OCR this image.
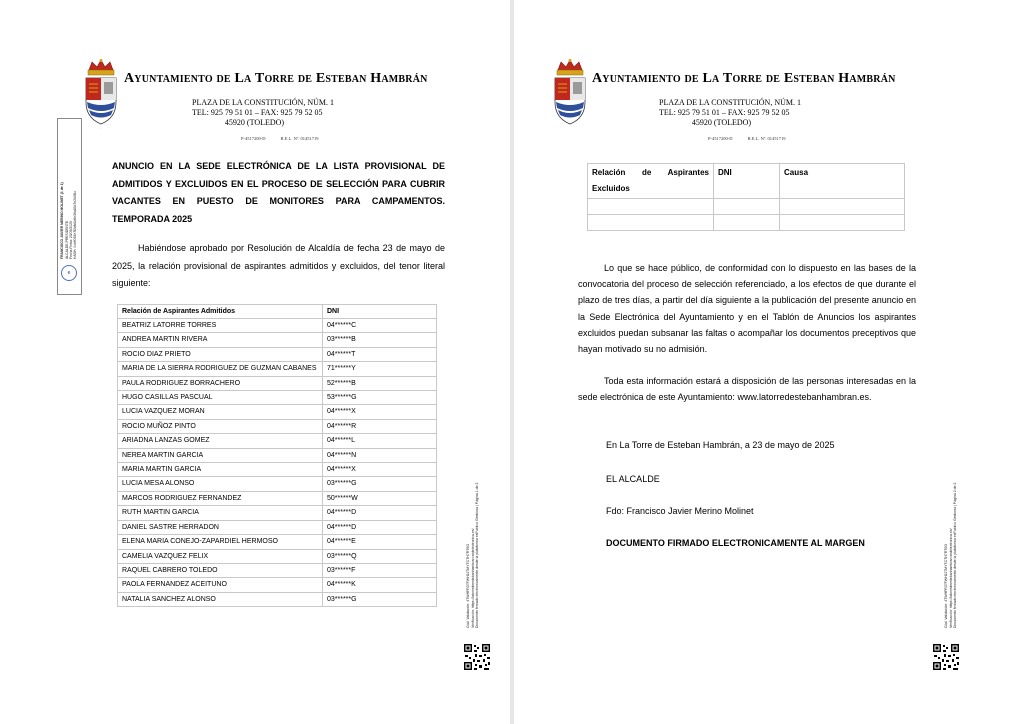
.
Ayuntamiento de La Torre de Esteban Hambrán
PLAZA DE LA CONSTITUCIÓN, NÚM. 1
TEL: 925 79 51 01 – FAX: 925 79 52 05
45920 (TOLEDO)
P-4517200-D	R.E.L. Nº. 01451719
FRANCISCO JAVIER MERINO MOLINET (1 de 1) ALCALDE-PRESIDENTE Fecha Firma: 23/05/2025 HASH: 0cb9093e7f2dfd1d6e36a83c7e2b3f1c
e
ANUNCIO EN LA SEDE ELECTRÓNICA DE LA LISTA PROVISIONAL DE ADMITIDOS Y EXCLUIDOS EN EL PROCESO DE SELECCIÓN PARA CUBRIR VACANTES EN PUESTO DE MONITORES PARA CAMPAMENTOS. TEMPORADA 2025
Habiéndose aprobado por Resolución de Alcaldía de fecha 23 de mayo de 2025, la relación provisional de aspirantes admitidos y excluidos, del tenor literal siguiente:
Relación de Aspirantes Admitidos	DNI
BEATRIZ LATORRE TORRES	04******C
ANDREA MARTIN RIVERA	03******B
ROCIO DIAZ PRIETO	04******T
MARIA DE LA SIERRA RODRIGUEZ DE GUZMAN CABANES	71******Y
PAULA RODRIGUEZ BORRACHERO	52******B
HUGO CASILLAS PASCUAL	53******G
LUCIA VAZQUEZ MORAN	04******X
ROCIO MUÑOZ PINTO	04******R
ARIADNA LANZAS GOMEZ	04******L
NEREA MARTIN GARCIA	04******N
MARIA MARTIN GARCIA	04******X
LUCIA MESA ALONSO	03******G
MARCOS RODRIGUEZ FERNANDEZ	50******W
RUTH MARTIN GARCIA	04******D
DANIEL SASTRE HERRADON	04******D
ELENA MARIA CONEJO-ZAPARDIEL HERMOSO	04******E
CAMELIA VAZQUEZ FELIX	03******Q
RAQUEL CABRERO TOLEDO	03******F
PAOLA FERNANDEZ ACEITUNO	04******K
NATALIA SANCHEZ ALONSO	03******G	Cód. Validación: 4TWHFR37FWH2J7MYTCTH7RT6G Verificación: https://latorredeestebanhambran.sedelectronica.es/ Documento firmado electrónicamente desde la plataforma esPublico Gestiona | Página 1 de 2
Ayuntamiento de La Torre de Esteban Hambrán
PLAZA DE LA CONSTITUCIÓN, NÚM. 1
TEL: 925 79 51 01 – FAX: 925 79 52 05
45920 (TOLEDO)
P-4517200-D	R.E.L. Nº. 01451719
Relación de Aspirantes Excluidos	DNI	Causa

Lo que se hace público, de conformidad con lo dispuesto en las bases de la convocatoria del proceso de selección referenciado, a los efectos de que durante el plazo de tres días, a partir del día siguiente a la publicación del presente anuncio en la Sede Electrónica del Ayuntamiento y en el Tablón de Anuncios los aspirantes excluidos puedan subsanar las faltas o acompañar los documentos preceptivos que hayan motivado su no admisión.
Toda esta información estará a disposición de las personas interesadas en la sede electrónica de este Ayuntamiento: www.latorredestebanhambran.es.
En La Torre de Esteban Hambrán, a 23 de mayo de 2025
EL ALCALDE
Fdo: Francisco Javier Merino Molinet
DOCUMENTO FIRMADO ELECTRONICAMENTE AL MARGEN
Cód. Validación: 4TWHFR37FWH2J7MYTCTH7RT6G Verificación: https://latorredeestebanhambran.sedelectronica.es/ Documento firmado electrónicamente desde la plataforma esPublico Gestiona | Página 2 de 2
